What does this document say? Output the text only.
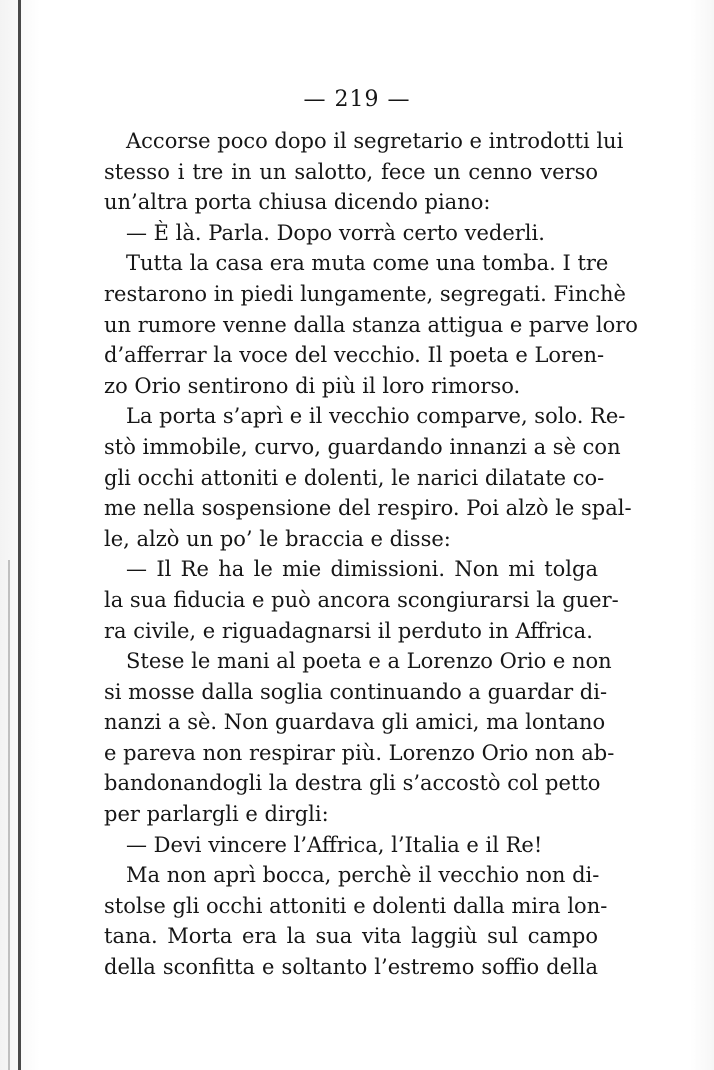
— 219 —
Accorse poco dopo il segretario e introdotti lui
stesso i tre in un salotto, fece un cenno verso
un’altra porta chiusa dicendo piano:
— È là. Parla. Dopo vorrà certo vederli.
Tutta la casa era muta come una tomba. I tre
restarono in piedi lungamente, segregati. Finchè
un rumore venne dalla stanza attigua e parve loro
d’afferrar la voce del vecchio. Il poeta e Loren-
zo Orio sentirono di più il loro rimorso.
La porta s’aprì e il vecchio comparve, solo. Re-
stò immobile, curvo, guardando innanzi a sè con
gli occhi attoniti e dolenti, le narici dilatate co-
me nella sospensione del respiro. Poi alzò le spal-
le, alzò un po’ le braccia e disse:
— Il Re ha le mie dimissioni. Non mi tolga
la sua fiducia e può ancora scongiurarsi la guer-
ra civile, e riguadagnarsi il perduto in Affrica.
Stese le mani al poeta e a Lorenzo Orio e non
si mosse dalla soglia continuando a guardar di-
nanzi a sè. Non guardava gli amici, ma lontano
e pareva non respirar più. Lorenzo Orio non ab-
bandonandogli la destra gli s’accostò col petto
per parlargli e dirgli:
— Devi vincere l’Affrica, l’Italia e il Re!
Ma non aprì bocca, perchè il vecchio non di-
stolse gli occhi attoniti e dolenti dalla mira lon-
tana. Morta era la sua vita laggiù sul campo
della sconfitta e soltanto l’estremo soffio della
